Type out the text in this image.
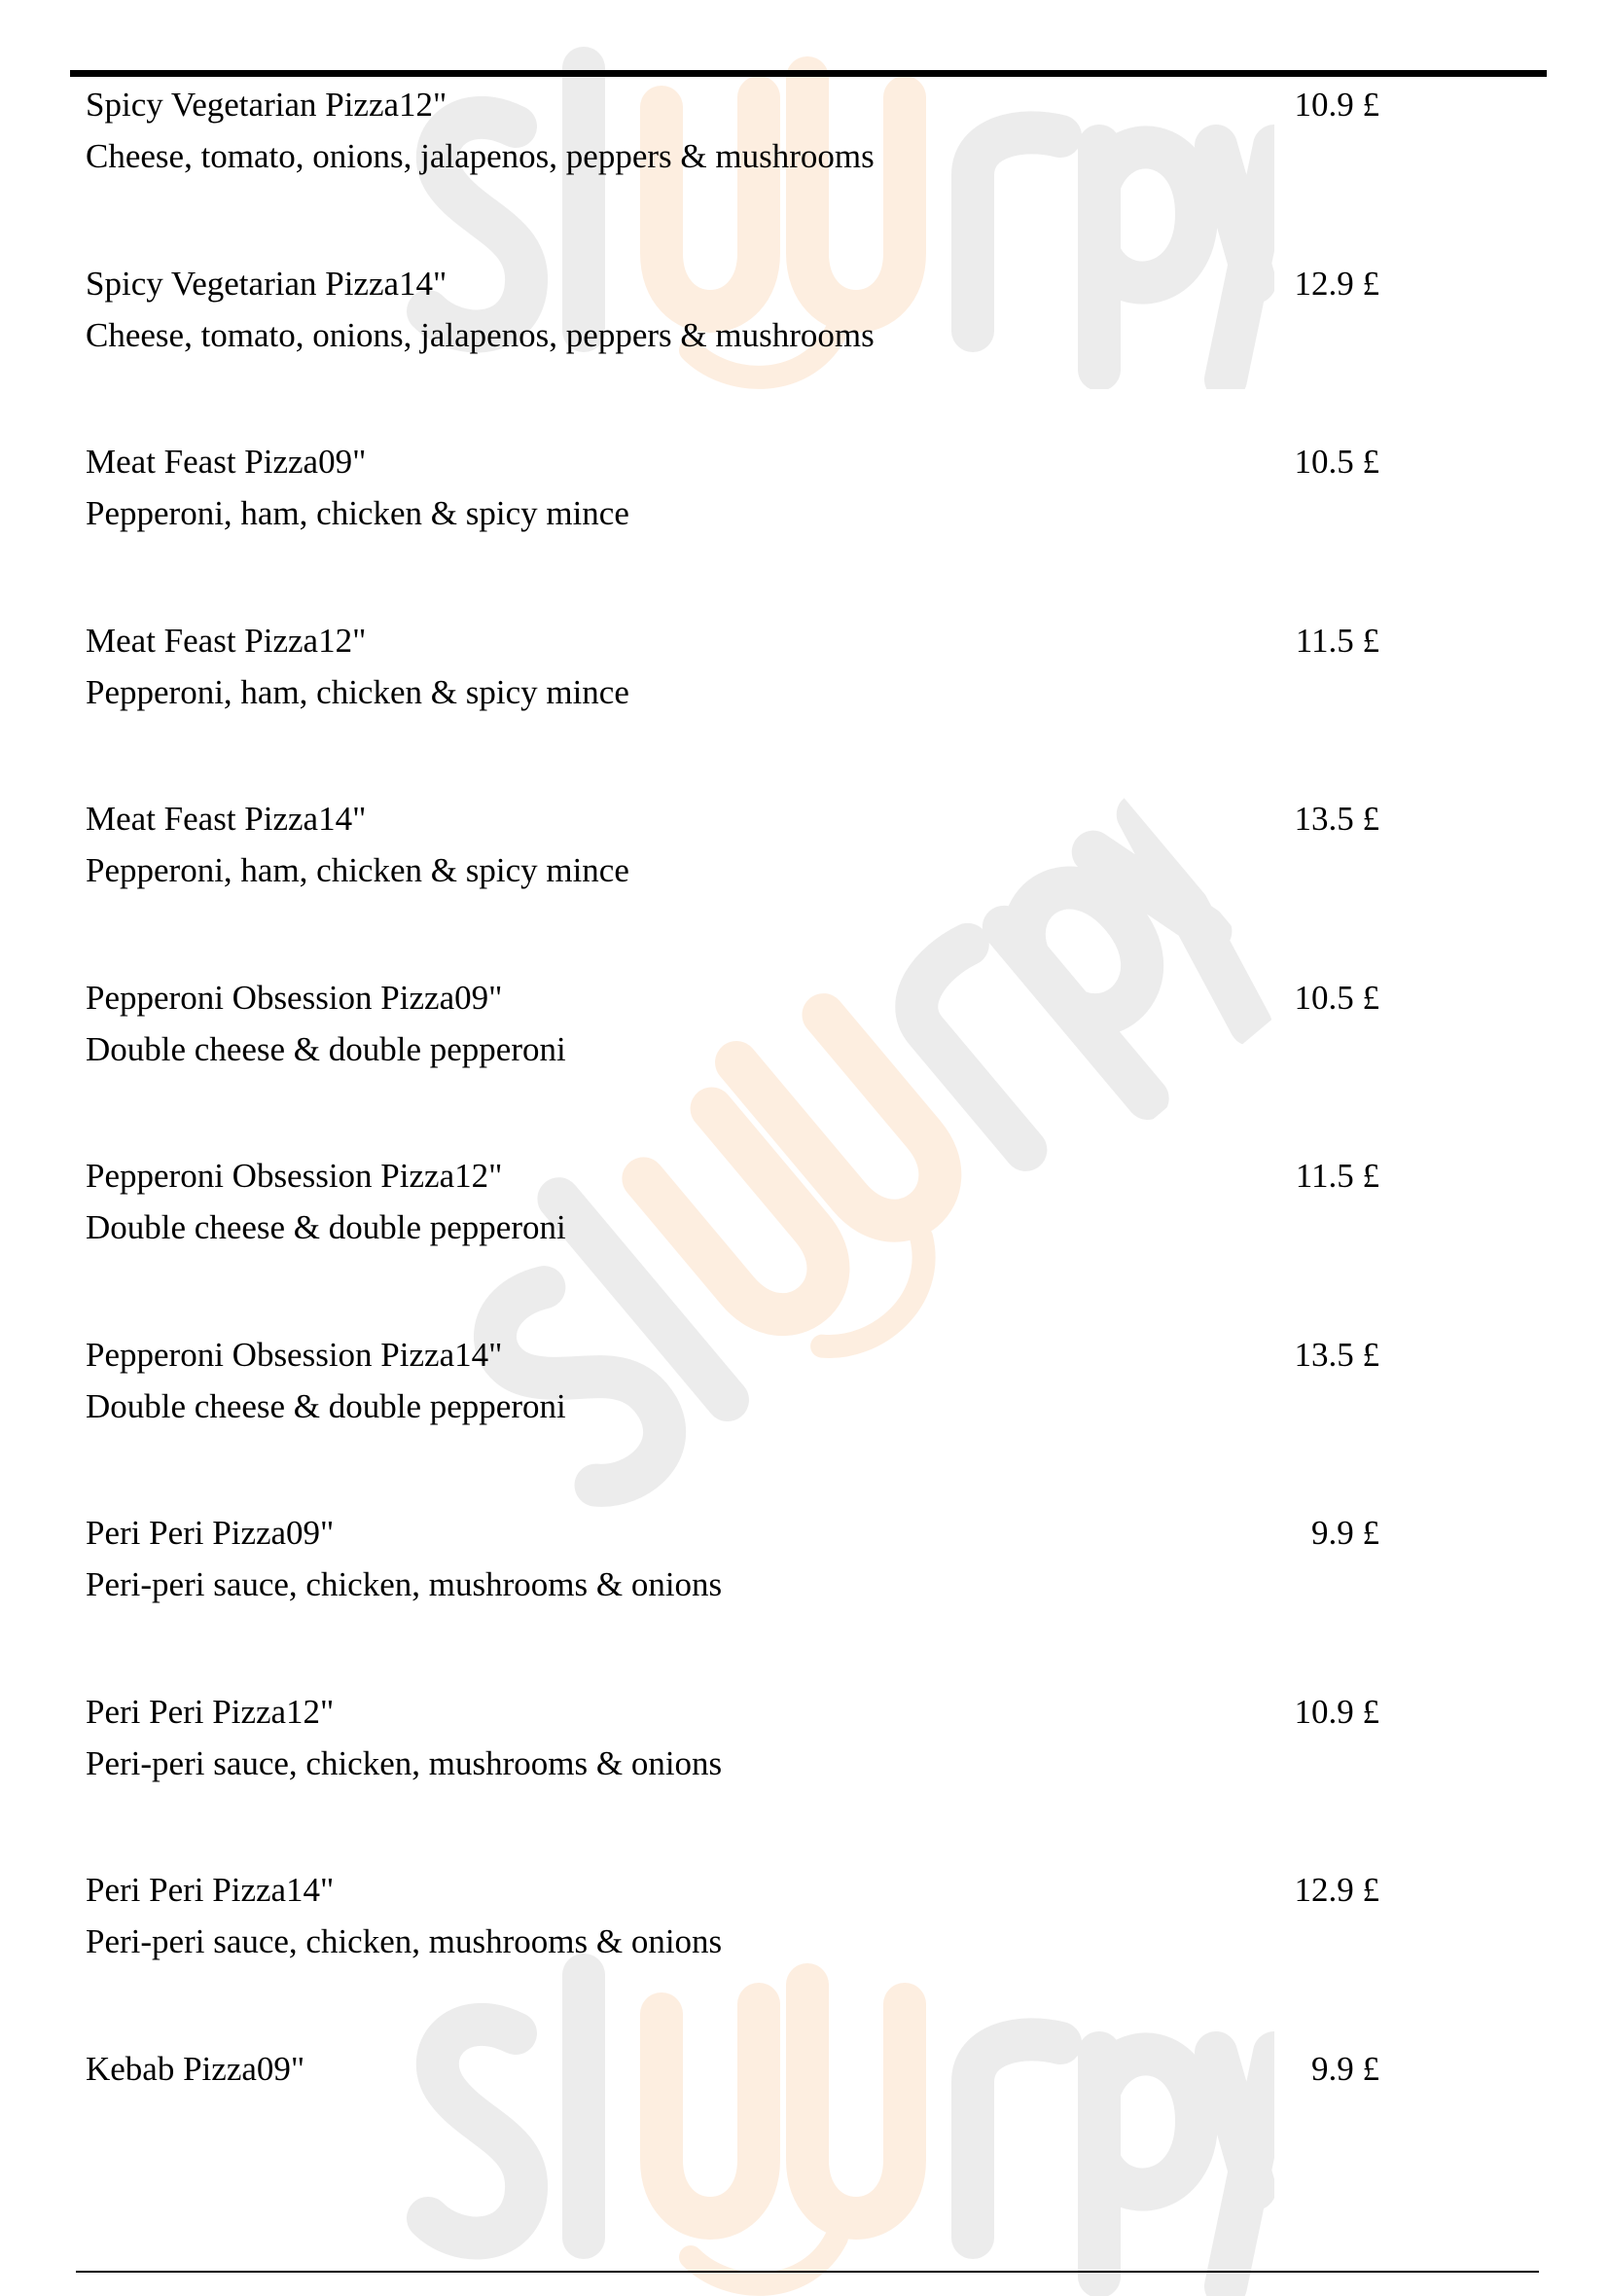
Spicy Vegetarian Pizza12"
Cheese, tomato, onions, jalapenos, peppers & mushrooms
10.9 £
Spicy Vegetarian Pizza14"
Cheese, tomato, onions, jalapenos, peppers & mushrooms
12.9 £
Meat Feast Pizza09"
Pepperoni, ham, chicken & spicy mince
10.5 £
Meat Feast Pizza12"
Pepperoni, ham, chicken & spicy mince
11.5 £
Meat Feast Pizza14"
Pepperoni, ham, chicken & spicy mince
13.5 £
Pepperoni Obsession Pizza09"
Double cheese & double pepperoni
10.5 £
Pepperoni Obsession Pizza12"
Double cheese & double pepperoni
11.5 £
Pepperoni Obsession Pizza14"
Double cheese & double pepperoni
13.5 £
Peri Peri Pizza09"
Peri-peri sauce, chicken, mushrooms & onions
9.9 £
Peri Peri Pizza12"
Peri-peri sauce, chicken, mushrooms & onions
10.9 £
Peri Peri Pizza14"
Peri-peri sauce, chicken, mushrooms & onions
12.9 £
Kebab Pizza09"	9.9 £
